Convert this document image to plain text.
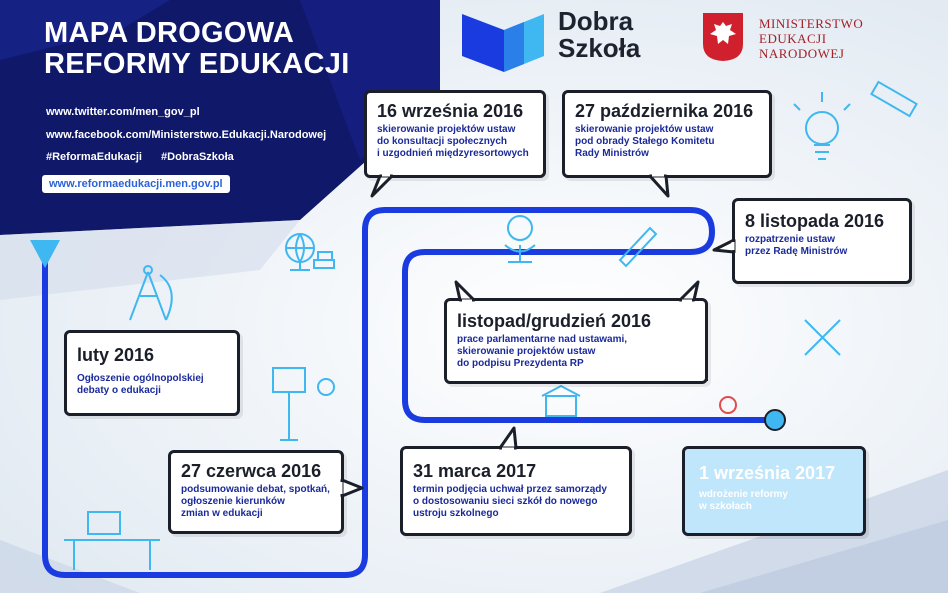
MAPA DROGOWA
REFORMY EDUKACJI
www.twitter.com/men_gov_pl
www.facebook.com/Ministerstwo.Edukacji.Narodowej
#ReformaEdukacji #DobraSzkoła
www.reformaedukacji.men.gov.pl
Dobra
Szkoła
MINISTERSTWO
EDUKACJI
NARODOWEJ
luty 2016
Ogłoszenie ogólnopolskiej
debaty o edukacji
27 czerwca 2016
podsumowanie debat, spotkań,
ogłoszenie kierunków
zmian w edukacji
16 września 2016
skierowanie projektów ustaw
do konsultacji społecznych
i uzgodnień międzyresortowych
27 października 2016
skierowanie projektów ustaw
pod obrady Stałego Komitetu
Rady Ministrów
8 listopada 2016
rozpatrzenie ustaw
przez Radę Ministrów
listopad/grudzień 2016
prace parlamentarne nad ustawami,
skierowanie projektów ustaw
do podpisu Prezydenta RP
31 marca 2017
termin podjęcia uchwał przez samorządy
o dostosowaniu sieci szkół do nowego
ustroju szkolnego
1 września 2017
wdrożenie reformy
w szkołach
